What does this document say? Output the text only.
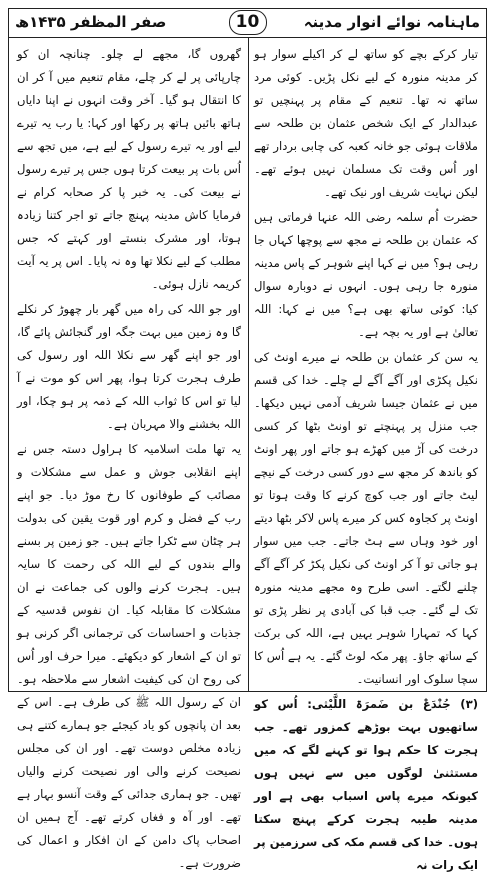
صفر المظفر ۱۴۳۵ھ	10	ماہنامہ نوائے انوار مدینہ

تیار کرکے بچے کو ساتھ لے کر اکیلے سوار ہو کر مدینہ منورہ کے لیے نکل پڑیں۔ کوئی مرد ساتھ نہ تھا۔ تنعیم کے مقام پر پہنچیں تو عبدالدار کے ایک شخص عثمان بن طلحہ سے ملاقات ہوئی جو خانہ کعبہ کی چابی بردار تھے اور اُس وقت تک مسلمان نہیں ہوئے تھے۔ لیکن نہایت شریف اور نیک تھے۔

حضرت اُم سلمہ رضی اللہ عنہا فرماتی ہیں کہ عثمان بن طلحہ نے مجھ سے پوچھا کہاں جا رہی ہو؟ میں نے کہا اپنے شوہر کے پاس مدینہ منورہ جا رہی ہوں۔ انہوں نے دوبارہ سوال کیا: کوئی ساتھ بھی ہے؟ میں نے کہا: اللہ تعالیٰ ہے اور یہ بچہ ہے۔

یہ سن کر عثمان بن طلحہ نے میرے اونٹ کی نکیل پکڑی اور آگے آگے لے چلے۔ خدا کی قسم میں نے عثمان جیسا شریف آدمی نہیں دیکھا۔ جب منزل پر پہنچتے تو اونٹ بٹھا کر کسی درخت کی آڑ میں کھڑے ہو جاتے اور پھر اونٹ کو باندھ کر مجھ سے دور کسی درخت کے نیچے لیٹ جاتے اور جب کوچ کرنے کا وقت ہوتا تو اونٹ پر کجاوہ کس کر میرے پاس لاکر بٹھا دیتے اور خود وہاں سے ہٹ جاتے۔ جب میں سوار ہو جاتی تو آ کر اونٹ کی نکیل پکڑ کر آگے آگے چلنے لگتے۔ اسی طرح وہ مجھے مدینہ منورہ تک لے گئے۔ جب قبا کی آبادی پر نظر پڑی تو کہا کہ تمہارا شوہر یہیں ہے، اللہ کی برکت کے ساتھ جاؤ۔ پھر مکہ لوٹ گئے۔ یہ ہے اُس کا سچا سلوک اور انسانیت۔

(۳) جُنْدَعْ بن ضَمرَۃ اللَّیْثی: اُس کو ساتھیوں بہت بوڑھے کمزور تھے۔ جب ہجرت کا حکم ہوا تو کہنے لگے کہ میں مستثنیٰ لوگوں میں سے نہیں ہوں کیونکہ میرے پاس اسباب بھی ہے اور مدینہ طیبہ ہجرت کرکے پہنچ سکتا ہوں۔ خدا کی قسم مکہ کی سرزمین پر ایک رات نہ

گھروں گا، مجھے لے چلو۔ چنانچہ ان کو چارپائی پر لے کر چلے، مقام تنعیم میں آ کر ان کا انتقال ہو گیا۔ آخر وقت انہوں نے اپنا دایاں ہاتھ بائیں ہاتھ پر رکھا اور کہا: یا رب یہ تیرے لیے اور یہ تیرے رسول کے لیے ہے، میں تجھ سے اُس بات پر بیعت کرتا ہوں جس پر تیرے رسول نے بیعت کی۔ یہ خبر پا کر صحابہ کرام نے فرمایا کاش مدینہ پہنچ جاتے تو اجر کتنا زیادہ ہوتا، اور مشرک بنستے اور کہتے کہ جس مطلب کے لیے نکلا تھا وہ نہ پایا۔ اس پر یہ آیت کریمہ نازل ہوئی۔

اور جو اللہ کی راہ میں گھر بار چھوڑ کر نکلے گا وہ زمین میں بہت جگہ اور گنجائش پائے گا، اور جو اپنے گھر سے نکلا اللہ اور رسول کی طرف ہجرت کرتا ہوا، پھر اس کو موت نے آ لیا تو اس کا ثواب اللہ کے ذمہ پر ہو چکا، اور اللہ بخشنے والا مہربان ہے۔

یہ تھا ملت اسلامیہ کا ہراول دستہ جس نے اپنے انقلابی جوش و عمل سے مشکلات و مصائب کے طوفانوں کا رخ موڑ دیا۔ جو اپنے رب کے فضل و کرم اور قوت یقین کی بدولت ہر چٹان سے ٹکرا جاتے ہیں۔ جو زمین پر بسنے والے بندوں کے لیے اللہ کی رحمت کا سایہ ہیں۔ ہجرت کرنے والوں کی جماعت نے ان مشکلات کا مقابلہ کیا۔ ان نفوس قدسیہ کے جذبات و احساسات کی ترجمانی اگر کرنی ہو تو ان کے اشعار کو دیکھئے۔ میرا حرف اور اُس کی روح ان کی کیفیت اشعار سے ملاحظہ ہو۔ ان کے رسول اللہ ﷺ کی طرف ہے۔ اس کے بعد ان پانچوں کو یاد کیجئے جو ہمارے کتنے ہی زیادہ مخلص دوست تھے۔ اور ان کی مجلس نصیحت کرنے والی اور نصیحت کرنے والیاں تھیں۔ جو ہماری جدائی کے وقت آنسو بہار ہے تھے۔ اور آہ و فغاں کرتے تھے۔ آج ہمیں ان اصحاب پاک دامن کے ان افکار و اعمال کی ضرورت ہے۔
